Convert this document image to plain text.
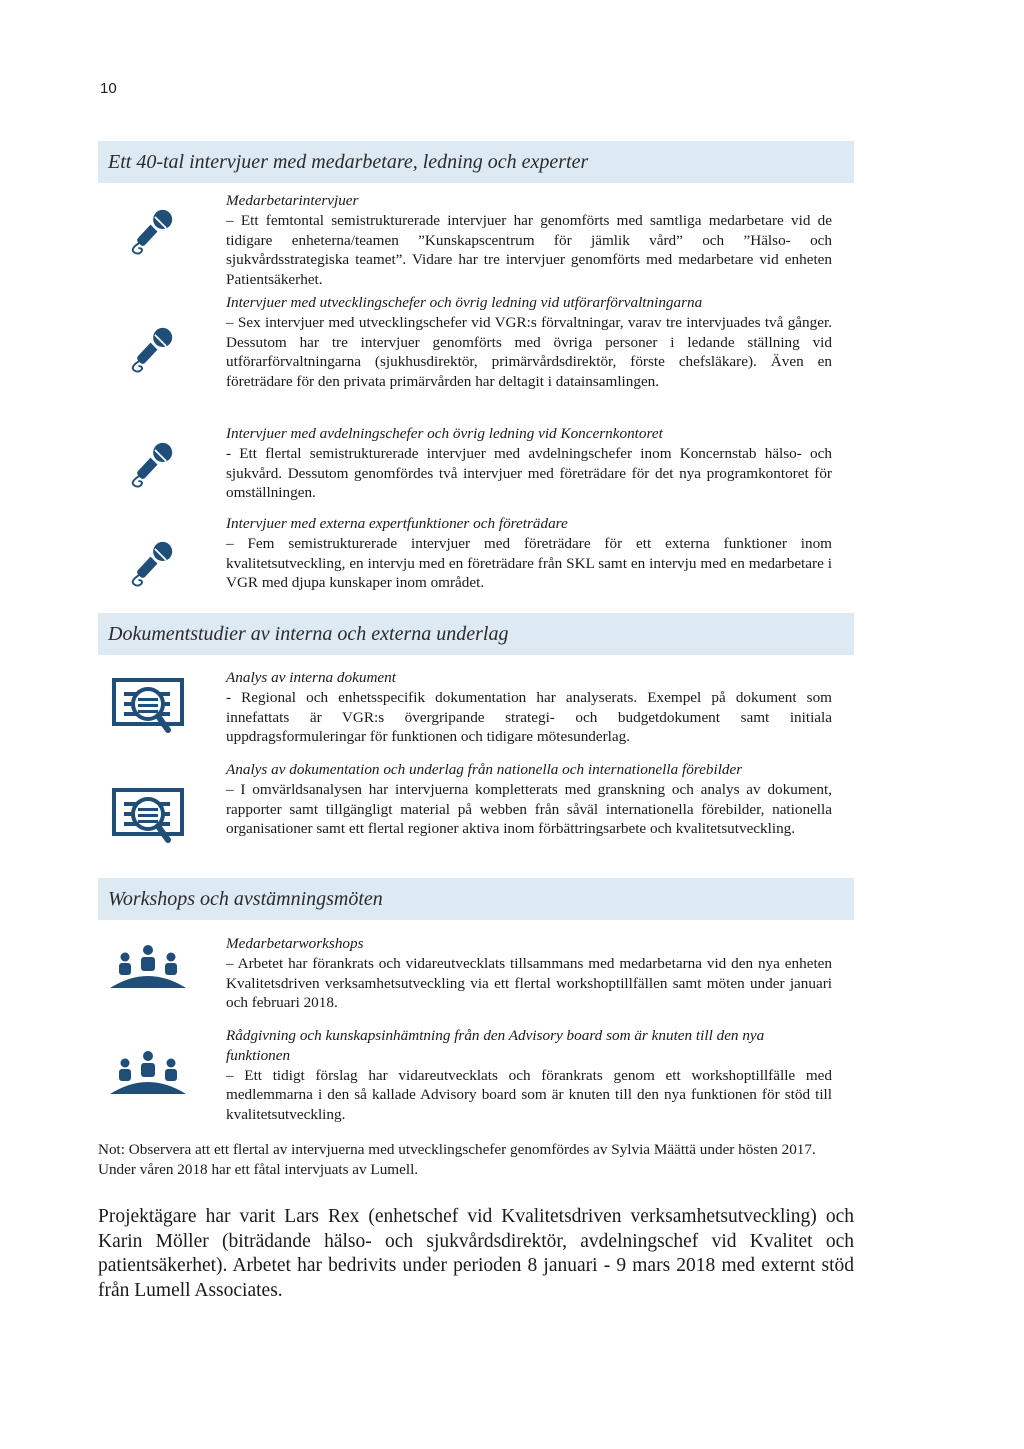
10
Ett 40-tal intervjuer med medarbetare, ledning och experter
Medarbetarintervjuer
– Ett femtontal semistrukturerade intervjuer har genomförts med samtliga medarbetare vid de tidigare enheterna/teamen ”Kunskapscentrum för jämlik vård” och ”Hälso- och sjukvårdsstrategiska teamet”. Vidare har tre intervjuer genomförts med medarbetare vid enheten Patientsäkerhet.
Intervjuer med utvecklingschefer och övrig ledning vid utförarförvaltningarna
– Sex intervjuer med utvecklingschefer vid VGR:s förvaltningar, varav tre intervjuades två gånger. Dessutom har tre intervjuer genomförts med övriga personer i ledande ställning vid utförarförvaltningarna (sjukhusdirektör, primärvårdsdirektör, förste chefsläkare). Även en företrädare för den privata primärvården har deltagit i datainsamlingen.
Intervjuer med avdelningschefer och övrig ledning vid Koncernkontoret
- Ett flertal semistrukturerade intervjuer med avdelningschefer inom Koncernstab hälso- och sjukvård. Dessutom genomfördes två intervjuer med företrädare för det nya programkontoret för omställningen.
Intervjuer med externa expertfunktioner och företrädare
– Fem semistrukturerade intervjuer med företrädare för ett externa funktioner inom kvalitetsutveckling, en intervju med en företrädare från SKL samt en intervju med en medarbetare i VGR med djupa kunskaper inom området.
Dokumentstudier av interna och externa underlag
Analys av interna dokument
- Regional och enhetsspecifik dokumentation har analyserats. Exempel på dokument som innefattats är VGR:s övergripande strategi- och budgetdokument samt initiala uppdragsformuleringar för funktionen och tidigare mötesunderlag.
Analys av dokumentation och underlag från nationella och internationella förebilder
– I omvärldsanalysen har intervjuerna kompletterats med granskning och analys av dokument, rapporter samt tillgängligt material på webben från såväl internationella förebilder, nationella organisationer samt ett flertal regioner aktiva inom förbättringsarbete och kvalitetsutveckling.
Workshops och avstämningsmöten
Medarbetarworkshops
– Arbetet har förankrats och vidareutvecklats tillsammans med medarbetarna vid den nya enheten Kvalitetsdriven verksamhetsutveckling via ett flertal workshoptillfällen samt möten under januari och februari 2018.
Rådgivning och kunskapsinhämtning från den Advisory board som är knuten till den nya funktionen
– Ett tidigt förslag har vidareutvecklats och förankrats genom ett workshoptillfälle med medlemmarna i den så kallade Advisory board som är knuten till den nya funktionen för stöd till kvalitetsutveckling.
Not: Observera att ett flertal av intervjuerna med utvecklingschefer genomfördes av Sylvia Määttä under hösten 2017. Under våren 2018 har ett fåtal intervjuats av Lumell.
Projektägare har varit Lars Rex (enhetschef vid Kvalitetsdriven verksamhetsutveckling) och Karin Möller (biträdande hälso- och sjukvårdsdirektör, avdelningschef vid Kvalitet och patientsäkerhet). Arbetet har bedrivits under perioden 8 januari - 9 mars 2018 med externt stöd från Lumell Associates.
